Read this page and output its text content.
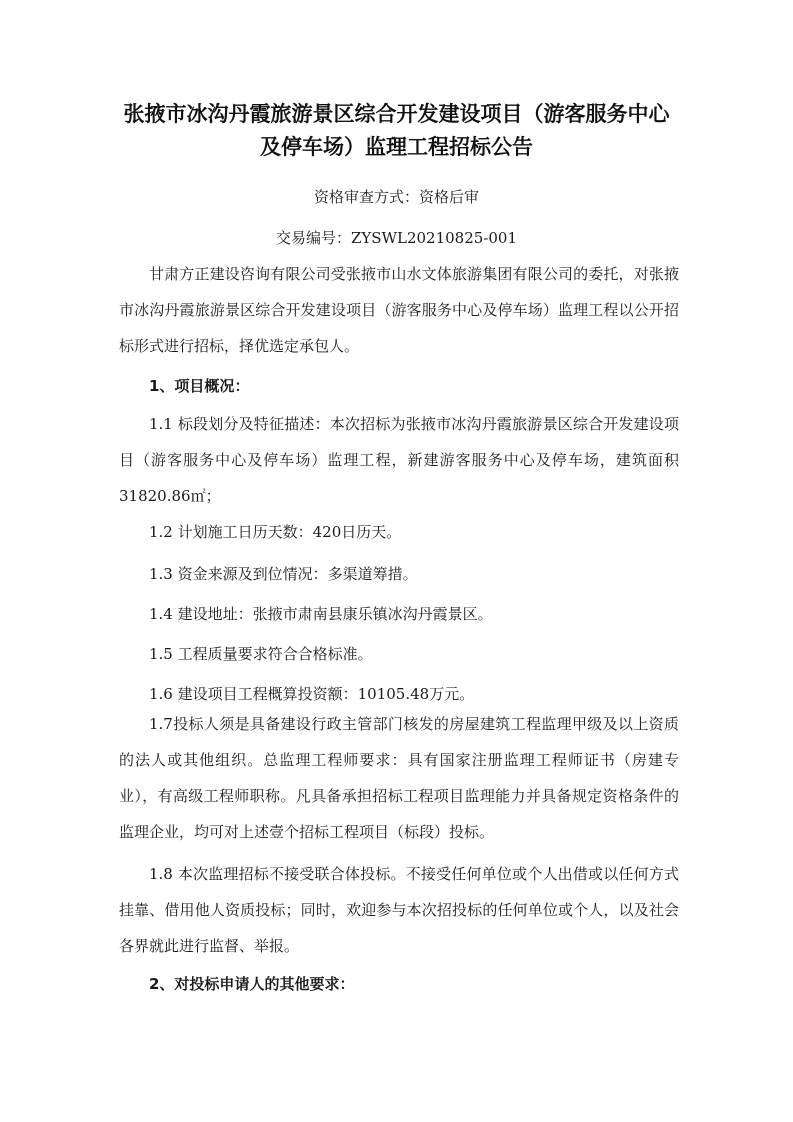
张掖市冰沟丹霞旅游景区综合开发建设项目（游客服务中心
及停车场）监理工程招标公告
资格审查方式：资格后审
交易编号：ZYSWL20210825-001
甘肃方正建设咨询有限公司受张掖市山水文体旅游集团有限公司的委托，对张掖市冰沟丹霞旅游景区综合开发建设项目（游客服务中心及停车场）监理工程以公开招标形式进行招标，择优选定承包人。
1、项目概况：
1.1 标段划分及特征描述：本次招标为张掖市冰沟丹霞旅游景区综合开发建设项目（游客服务中心及停车场）监理工程，新建游客服务中心及停车场，建筑面积31820.86㎡；
1.2 计划施工日历天数：420日历天。
1.3 资金来源及到位情况：多渠道筹措。
1.4 建设地址：张掖市肃南县康乐镇冰沟丹霞景区。
1.5 工程质量要求符合合格标准。
1.6 建设项目工程概算投资额：10105.48万元。
1.7投标人须是具备建设行政主管部门核发的房屋建筑工程监理甲级及以上资质的法人或其他组织。总监理工程师要求：具有国家注册监理工程师证书（房建专业），有高级工程师职称。凡具备承担招标工程项目监理能力并具备规定资格条件的监理企业，均可对上述壹个招标工程项目（标段）投标。
1.8 本次监理招标不接受联合体投标。不接受任何单位或个人出借或以任何方式挂靠、借用他人资质投标；同时，欢迎参与本次招投标的任何单位或个人，以及社会各界就此进行监督、举报。
2、对投标申请人的其他要求：
